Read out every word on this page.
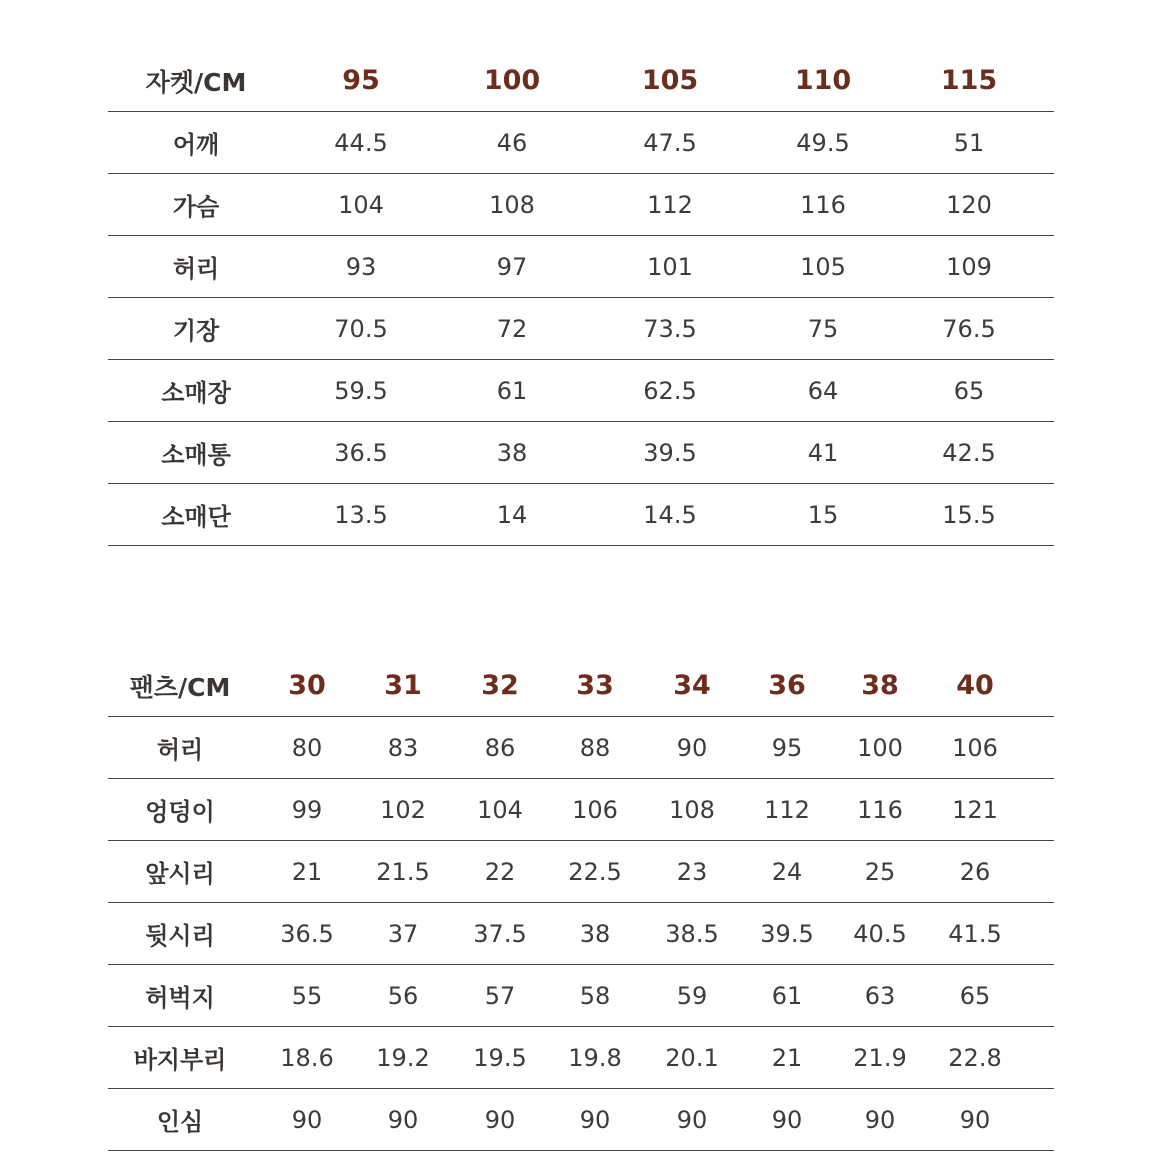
자켓/CM	95	100	105	110	115
어깨	44.5	46	47.5	49.5	51
가슴	104	108	112	116	120
허리	93	97	101	105	109
기장	70.5	72	73.5	75	76.5
소매장	59.5	61	62.5	64	65
소매통	36.5	38	39.5	41	42.5
소매단	13.5	14	14.5	15	15.5
팬츠/CM	30	31	32	33	34	36	38	40
허리	80	83	86	88	90	95	100	106
엉덩이	99	102	104	106	108	112	116	121
앞시리	21	21.5	22	22.5	23	24	25	26
뒷시리	36.5	37	37.5	38	38.5	39.5	40.5	41.5
허벅지	55	56	57	58	59	61	63	65
바지부리	18.6	19.2	19.5	19.8	20.1	21	21.9	22.8
인심	90	90	90	90	90	90	90	90
